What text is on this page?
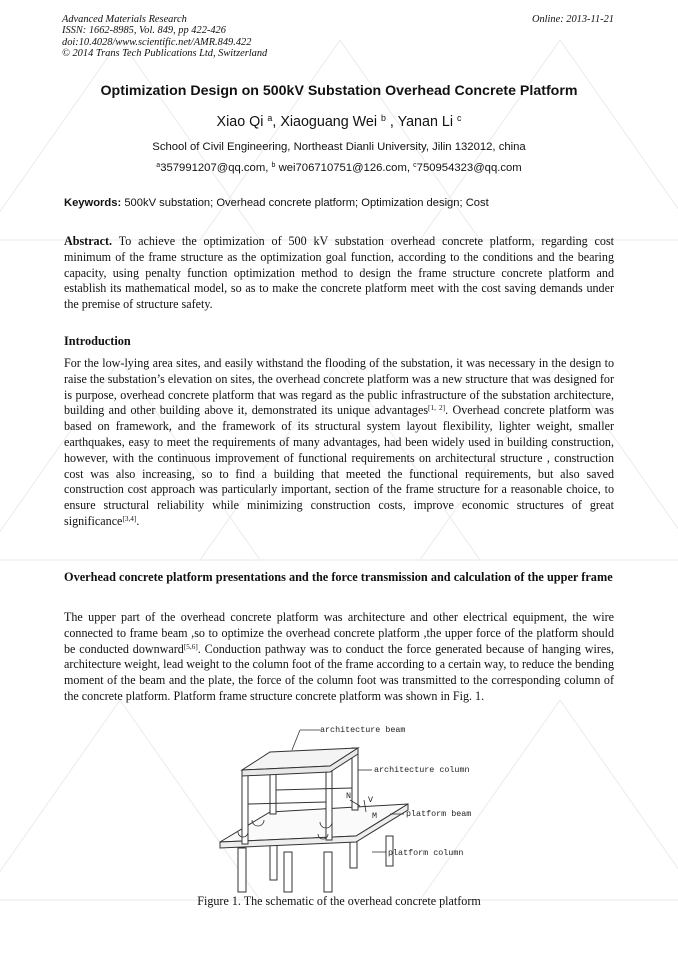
Advanced Materials Research
ISSN: 1662-8985, Vol. 849, pp 422-426
doi:10.4028/www.scientific.net/AMR.849.422
© 2014 Trans Tech Publications Ltd, Switzerland
Online: 2013-11-21
Optimization Design on 500kV Substation Overhead Concrete Platform
Xiao Qi $^a$, Xiaoguang Wei $^b$ , Yanan Li $^c$
School of Civil Engineering, Northeast Dianli University, Jilin 132012, china
$^a$357991207@qq.com, $^b$ wei706710751@126.com, $^c$750954323@qq.com
Keywords: 500kV substation; Overhead concrete platform; Optimization design; Cost
Abstract. To achieve the optimization of 500 kV substation overhead concrete platform, regarding cost minimum of the frame structure as the optimization goal function, according to the conditions and the bearing capacity, using penalty function optimization method to design the frame structure concrete platform and establish its mathematical model, so as to make the concrete platform meet with the cost saving demands under the premise of structure safety.
Introduction
For the low-lying area sites, and easily withstand the flooding of the substation, it was necessary in the design to raise the substation’s elevation on sites, the overhead concrete platform was a new structure that was designed for is purpose, overhead concrete platform that was regard as the public infrastructure of the substation architecture, building and other building above it, demonstrated its unique advantages[1, 2]. Overhead concrete platform was based on framework, and the framework of its structural system layout flexibility, lighter weight, smaller earthquakes, easy to meet the requirements of many advantages, had been widely used in building construction, however, with the continuous improvement of functional requirements on architectural structure , construction cost was also increasing, so to find a building that meeted the functional requirements, but also saved construction cost approach was particularly important, section of the frame structure for a reasonable choice, to ensure structural reliability while minimizing construction costs, improve economic structures of great significance[3,4].
Overhead concrete platform presentations and the force transmission and calculation of the upper frame
The upper part of the overhead concrete platform was architecture and other electrical equipment, the wire connected to frame beam ,so to optimize the overhead concrete platform ,the upper force of the platform should be conducted downward[5,6]. Conduction pathway was to conduct the force generated because of hanging wires, architecture weight, lead weight to the column foot of the frame according to a certain way, to reduce the bending moment of the beam and the plate, the force of the column foot was transmitted to the corresponding column of the concrete platform. Platform frame structure concrete platform was shown in Fig. 1.
architecture beam
architecture column
platform beam
platform column
N V
M
Figure 1. The schematic of the overhead concrete platform
